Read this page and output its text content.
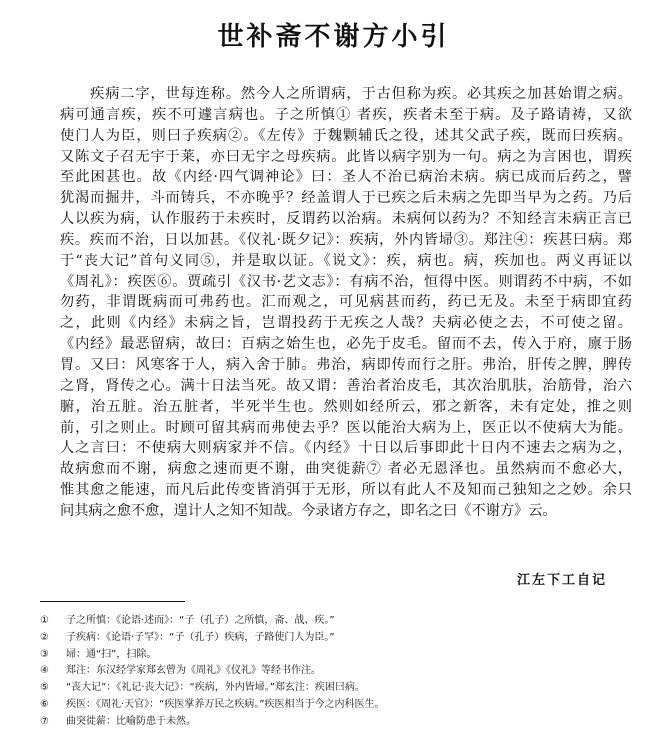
世补斋不谢方小引
　　疾病二字，世每连称。然今人之所谓病，于古但称为疾。必其疾之加甚始谓之病。
病可通言疾，疾不可遽言病也。子之所慎① 者疾，疾者未至于病。及子路请祷，又欲
使门人为臣，则曰子疾病②。《左传》于魏颗辅氏之役，述其父武子疾，既而曰疾病。
又陈文子召无宇于莱，亦曰无宇之母疾病。此皆以病字别为一句。病之为言困也，谓疾
至此困甚也。故《内经·四气调神论》曰：圣人不治已病治未病。病已成而后药之，譬
犹渴而掘井，斗而铸兵，不亦晚乎？经盖谓人于已疾之后未病之先即当早为之药。乃后
人以疾为病，认作服药于未疾时，反谓药以治病。未病何以药为？不知经言未病正言已
疾。疾而不治，日以加甚。《仪礼·既夕记》：疾病，外内皆埽③。郑注④：疾甚曰病。郑
于“丧大记”首句义同⑤，并是取以证。《说文》：疾，病也。病，疾加也。两义再证以
《周礼》：疾医⑥。贾疏引《汉书·艺文志》：有病不治，恒得中医。则谓药不中病，不如
勿药，非谓既病而可弗药也。汇而观之，可见病甚而药，药已无及。未至于病即宜药
之，此则《内经》未病之旨，岂谓投药于无疾之人哉？夫病必使之去，不可使之留。
《内经》最恶留病，故曰：百病之始生也，必先于皮毛。留而不去，传入于府，廪于肠
胃。又曰：风寒客于人，病入舍于肺。弗治，病即传而行之肝。弗治，肝传之脾，脾传
之肾，肾传之心。满十日法当死。故又谓：善治者治皮毛，其次治肌肤，治筋骨，治六
腑，治五脏。治五脏者，半死半生也。然则如经所云，邪之新客，未有定处，推之则
前，引之则止。时顾可留其病而弗使去乎？医以能治大病为上，医正以不使病大为能。
人之言曰：不使病大则病家并不信。《内经》十日以后事即此十日内不速去之病为之，
故病愈而不谢，病愈之速而更不谢，曲突徙薪⑦ 者必无恩泽也。虽然病而不愈必大，
惟其愈之能速，而凡后此传变皆消弭于无形，所以有此人不及知而己独知之之妙。余只
问其病之愈不愈，遑计人之知不知哉。今录诸方存之，即名之曰《不谢方》云。
江左下工自记
① 子之所慎：《论语·述而》：“子（孔子）之所慎，斋、战、疾。”
② 子疾病：《论语·子罕》：“子（孔子）疾病，子路使门人为臣。”
③ 埽：通“扫”，扫除。
④ 郑注：东汉经学家郑玄曾为《周礼》《仪礼》等经书作注。
⑤ “丧大记”：《礼记·丧大记》：“疾病，外内皆埽。”郑玄注：疾困曰病。
⑥ 疾医：《周礼·天官》：“疾医掌养万民之疾病。”疾医相当于今之内科医生。
⑦ 曲突徙薪：比喻防患于未然。
